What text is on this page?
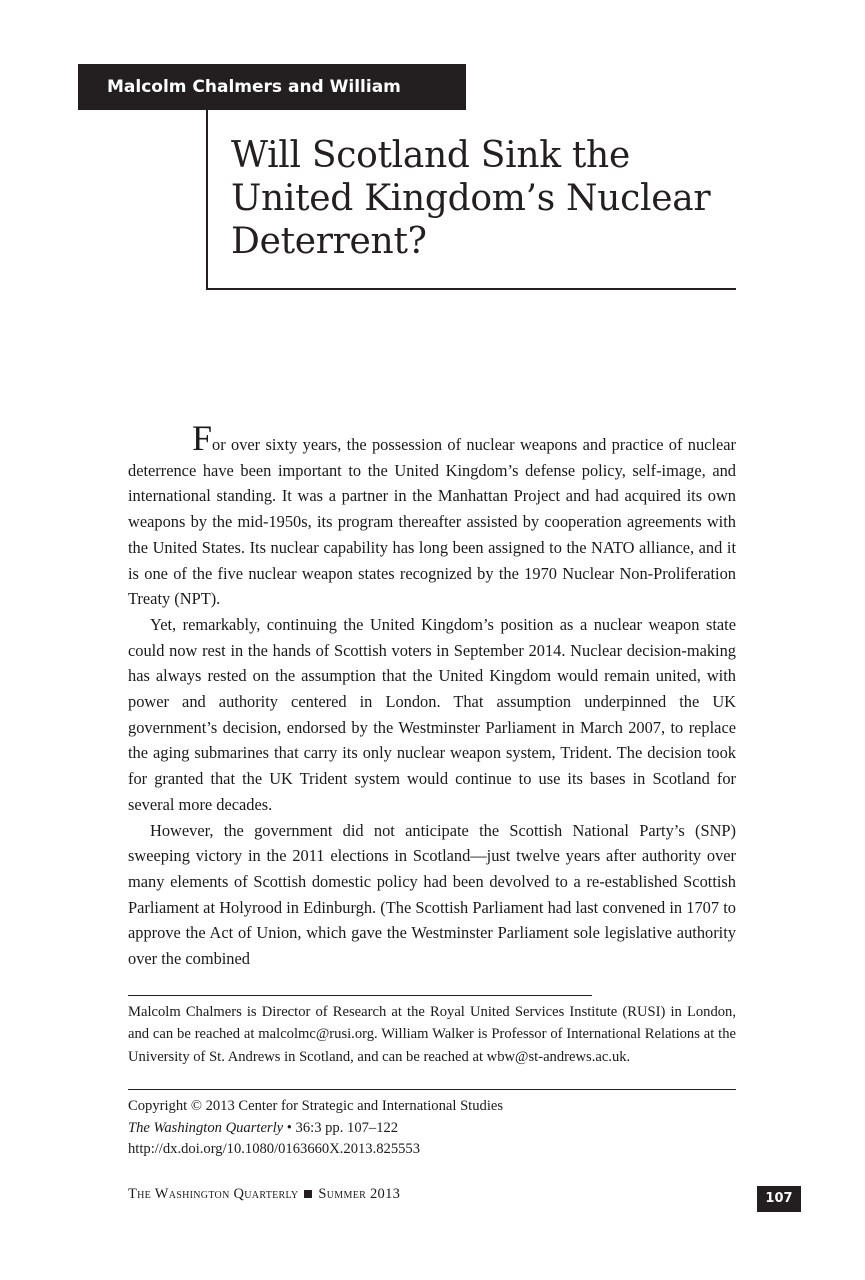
Malcolm Chalmers and William Walker
Will Scotland Sink the
United Kingdom’s Nuclear
Deterrent?

For over sixty years, the possession of nuclear weapons and practice of nuclear deterrence have been important to the United Kingdom’s defense policy, self-image, and international standing. It was a partner in the Manhattan Project and had acquired its own weapons by the mid-1950s, its program thereafter assisted by cooperation agreements with the United States. Its nuclear capability has long been assigned to the NATO alliance, and it is one of the five nuclear weapon states recognized by the 1970 Nuclear Non-Proliferation Treaty (NPT).

Yet, remarkably, continuing the United Kingdom’s position as a nuclear weapon state could now rest in the hands of Scottish voters in September 2014. Nuclear decision-making has always rested on the assumption that the United Kingdom would remain united, with power and authority centered in London. That assumption underpinned the UK government’s decision, endorsed by the Westminster Parliament in March 2007, to replace the aging submarines that carry its only nuclear weapon system, Trident. The decision took for granted that the UK Trident system would continue to use its bases in Scotland for several more decades.

However, the government did not anticipate the Scottish National Party’s (SNP) sweeping victory in the 2011 elections in Scotland—just twelve years after authority over many elements of Scottish domestic policy had been devolved to a re-established Scottish Parliament at Holyrood in Edinburgh. (The Scottish Parliament had last convened in 1707 to approve the Act of Union, which gave the Westminster Parliament sole legislative authority over the combined

Malcolm Chalmers is Director of Research at the Royal United Services Institute (RUSI) in London, and can be reached at malcolmc@rusi.org. William Walker is Professor of International Relations at the University of St. Andrews in Scotland, and can be reached at wbw@st-andrews.ac.uk.

Copyright © 2013 Center for Strategic and International Studies
The Washington Quarterly • 36:3 pp. 107–122
http://dx.doi.org/10.1080/0163660X.2013.825553
The Washington Quarterly Summer 2013	107
